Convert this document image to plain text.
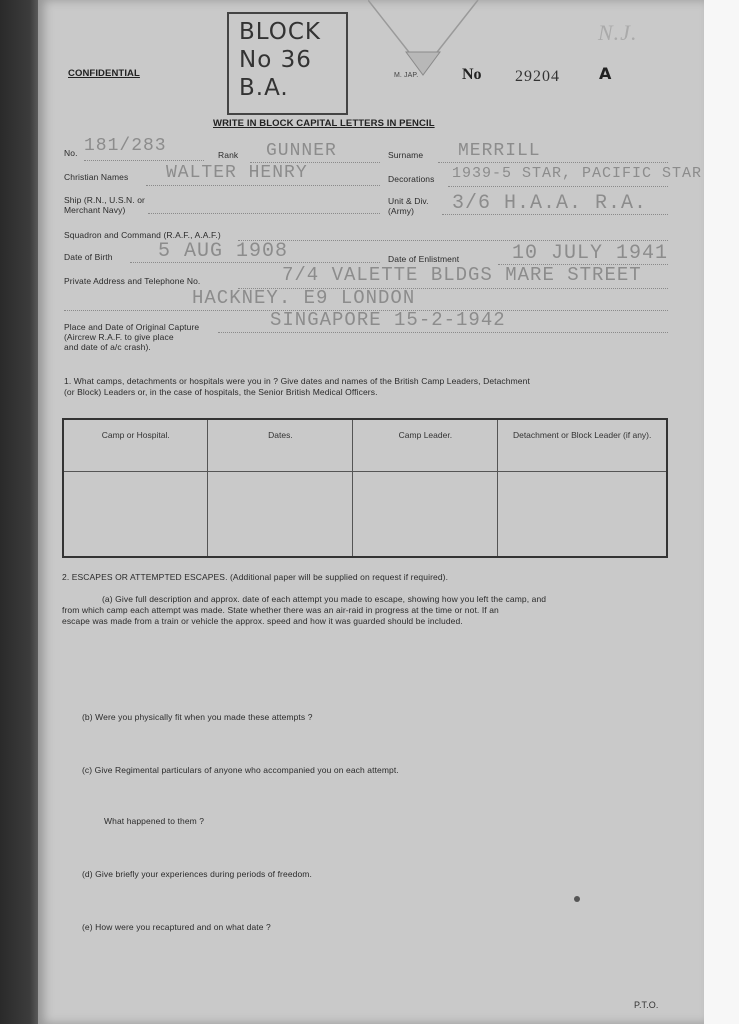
BLOCK
No 36
B.A.
N.J.
CONFIDENTIAL	M. JAP.	No 29204 A
WRITE IN BLOCK CAPITAL LETTERS IN PENCIL
No. 181/283	Rank GUNNER	Surname MERRILL
Christian Names WALTER HENRY	Decorations 1939-5 STAR, PACIFIC STAR
Ship (R.N., U.S.N. or Merchant Navy)
Unit & Div. (Army)	3/6 H.A.A. R.A.
Squadron and Command (R.A.F., A.A.F.)
Date of Birth 5 AUG 1908	Date of Enlistment	10 JULY 1941
Private Address and Telephone No.	7/4 VALETTE BLDGS MARE STREET
HACKNEY. E9 LONDON
Place and Date of Original Capture
(Aircrew R.A.F. to give place
and date of a/c crash).
SINGAPORE 15-2-1942
1. What camps, detachments or hospitals were you in ? Give dates and names of the British Camp Leaders, Detachment
(or Block) Leaders or, in the case of hospitals, the Senior British Medical Officers.
Camp or Hospital.	Dates.	Camp Leader.	Detachment or Block Leader (if any).

2. ESCAPES OR ATTEMPTED ESCAPES. (Additional paper will be supplied on request if required).
(a) Give full description and approx. date of each attempt you made to escape, showing how you left the camp, and
from which camp each attempt was made. State whether there was an air-raid in progress at the time or not. If an
escape was made from a train or vehicle the approx. speed and how it was guarded should be included.
(b) Were you physically fit when you made these attempts ?
(c) Give Regimental particulars of anyone who accompanied you on each attempt.
What happened to them ?
(d) Give briefly your experiences during periods of freedom.
(e) How were you recaptured and on what date ?
P.T.O.
